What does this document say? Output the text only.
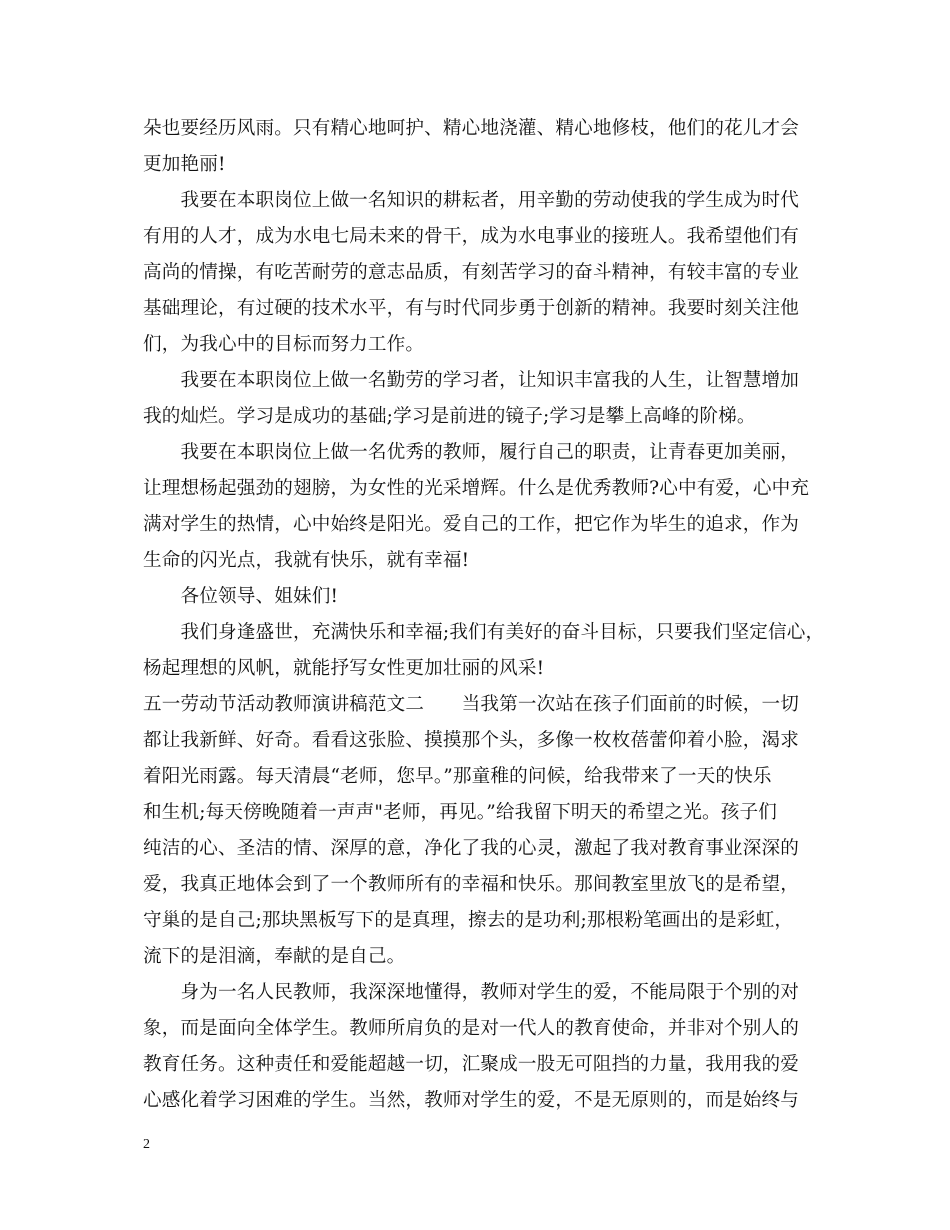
朵也要经历风雨。只有精心地呵护、精心地浇灌、精心地修枝，他们的花儿才会
更加艳丽!
　　我要在本职岗位上做一名知识的耕耘者，用辛勤的劳动使我的学生成为时代
有用的人才，成为水电七局未来的骨干，成为水电事业的接班人。我希望他们有
高尚的情操，有吃苦耐劳的意志品质，有刻苦学习的奋斗精神，有较丰富的专业
基础理论，有过硬的技术水平，有与时代同步勇于创新的精神。我要时刻关注他
们，为我心中的目标而努力工作。
　　我要在本职岗位上做一名勤劳的学习者，让知识丰富我的人生，让智慧增加
我的灿烂。学习是成功的基础;学习是前进的镜子;学习是攀上高峰的阶梯。
　　我要在本职岗位上做一名优秀的教师，履行自己的职责，让青春更加美丽，
让理想杨起强劲的翅膀，为女性的光采增辉。什么是优秀教师?心中有爱，心中充
满对学生的热情，心中始终是阳光。爱自己的工作，把它作为毕生的追求，作为
生命的闪光点，我就有快乐，就有幸福!
　　各位领导、姐妹们!
　　我们身逢盛世，充满快乐和幸福;我们有美好的奋斗目标，只要我们坚定信心，
杨起理想的风帆，就能抒写女性更加壮丽的风采!
五一劳动节活动教师演讲稿范文二　　当我第一次站在孩子们面前的时候，一切
都让我新鲜、好奇。看看这张脸、摸摸那个头，多像一枚枚蓓蕾仰着小脸，渴求
着阳光雨露。每天清晨“老师，您早。”那童稚的问候，给我带来了一天的快乐
和生机;每天傍晚随着一声声"老师，再见。”给我留下明天的希望之光。孩子们
纯洁的心、圣洁的情、深厚的意，净化了我的心灵，激起了我对教育事业深深的
爱，我真正地体会到了一个教师所有的幸福和快乐。那间教室里放飞的是希望，
守巢的是自己;那块黑板写下的是真理，擦去的是功利;那根粉笔画出的是彩虹，
流下的是泪滴，奉献的是自己。
　　身为一名人民教师，我深深地懂得，教师对学生的爱，不能局限于个别的对
象，而是面向全体学生。教师所肩负的是对一代人的教育使命，并非对个别人的
教育任务。这种责任和爱能超越一切，汇聚成一股无可阻挡的力量，我用我的爱
心感化着学习困难的学生。当然，教师对学生的爱，不是无原则的，而是始终与
2
